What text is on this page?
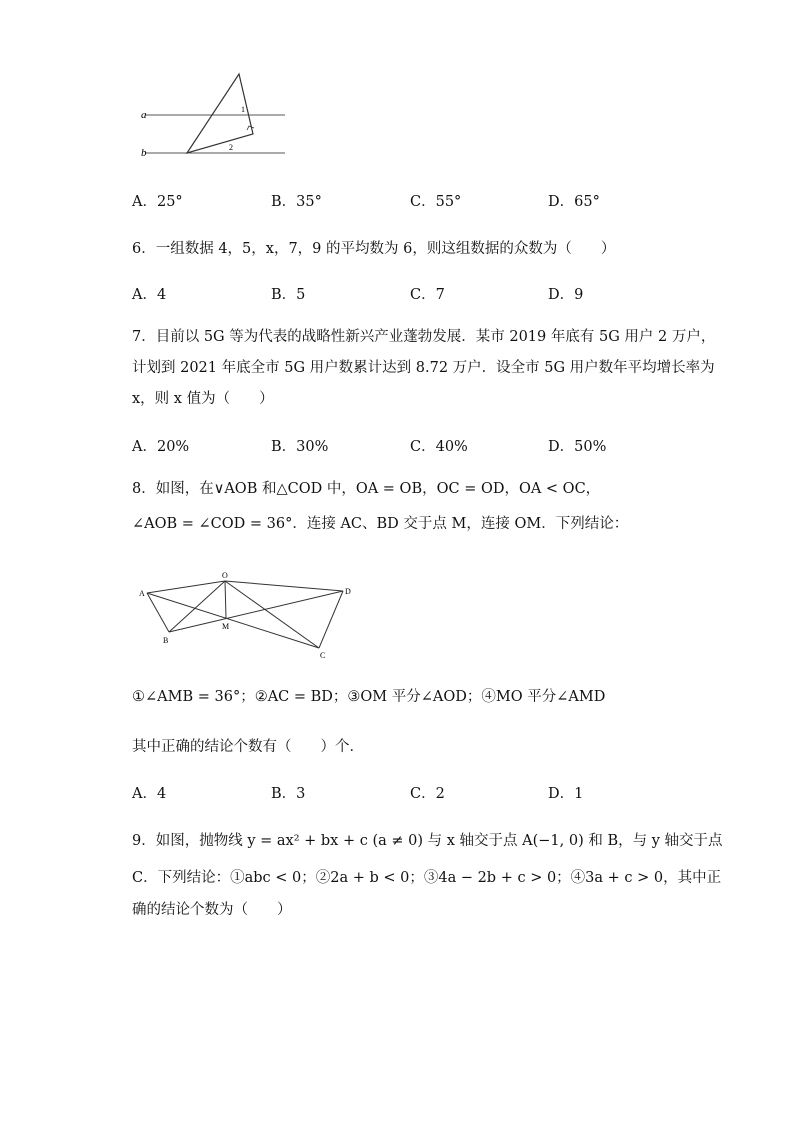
a
b
1
2
A．25°	B．35°	C．55°	D．65°
6．一组数据 4，5，x，7，9 的平均数为 6，则这组数据的众数为（　　）
A．4	B．5	C．7	D．9
7．目前以 5G 等为代表的战略性新兴产业蓬勃发展．某市 2019 年底有 5G 用户 2 万户，
计划到 2021 年底全市 5G 用户数累计达到 8.72 万户．设全市 5G 用户数年平均增长率为
x，则 x 值为（　　）
A．20%	B．30%	C．40%	D．50%
8．如图，在∨AOB 和△COD 中，OA = OB，OC = OD，OA < OC，
∠AOB = ∠COD = 36°．连接 AC、BD 交于点 M，连接 OM．下列结论：
A
O
D
B
M
C
①∠AMB = 36°；②AC = BD；③OM 平分∠AOD；④MO 平分∠AMD
其中正确的结论个数有（　　）个．
A．4	B．3	C．2	D．1
9．如图，抛物线 y = ax² + bx + c (a ≠ 0) 与 x 轴交于点 A(−1, 0) 和 B，与 y 轴交于点
C．下列结论：①abc < 0；②2a + b < 0；③4a − 2b + c > 0；④3a + c > 0，其中正
确的结论个数为（　　）
